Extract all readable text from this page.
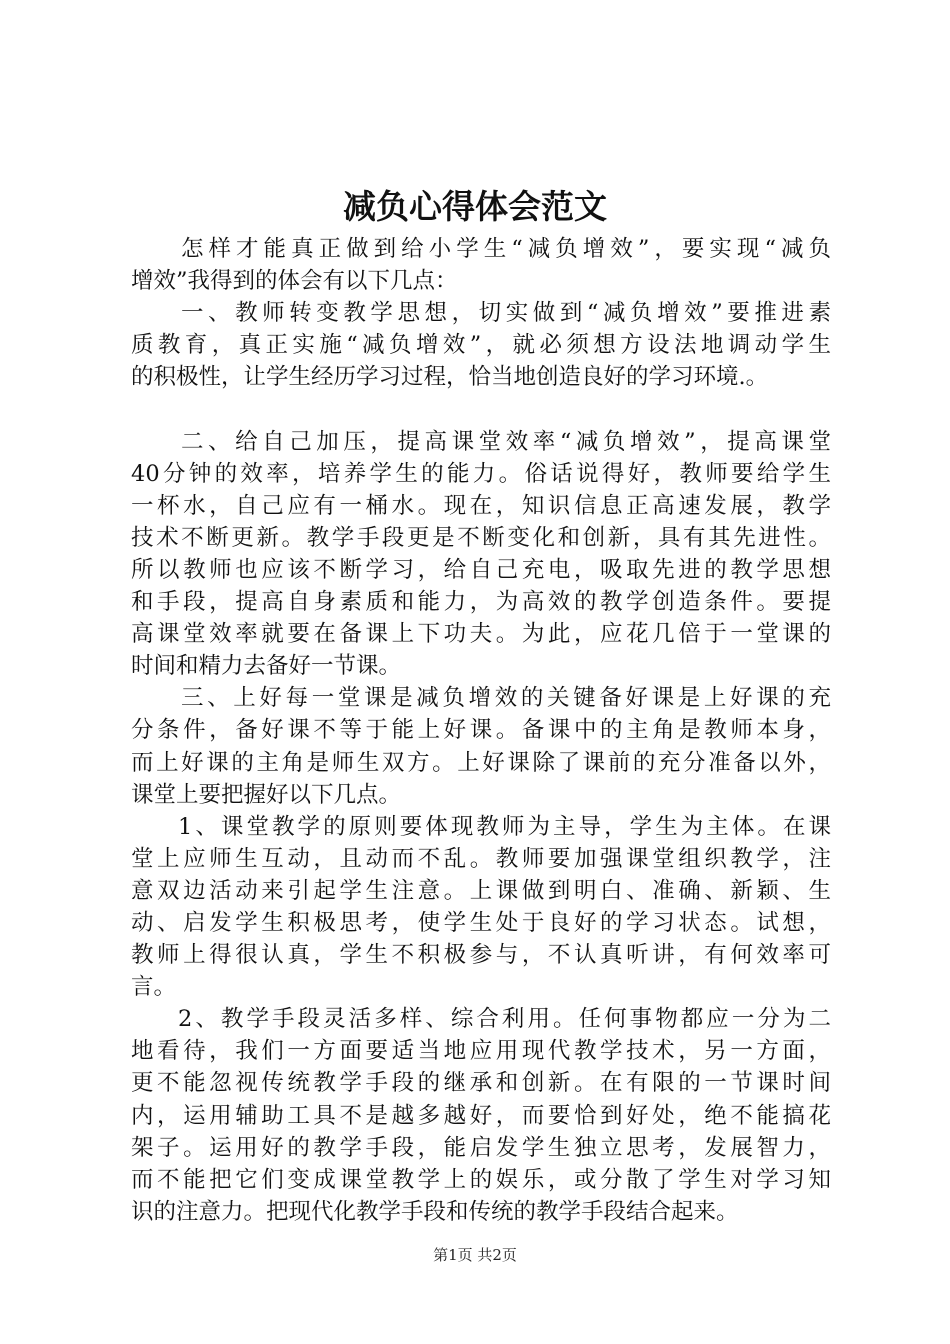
减负心得体会范文
怎样才能真正做到给小学生“减负增效”，要实现“减负
增效”我得到的体会有以下几点：
一、教师转变教学思想，切实做到“减负增效”要推进素
质教育，真正实施“减负增效”，就必须想方设法地调动学生
的积极性，让学生经历学习过程，恰当地创造良好的学习环境.。
二、给自己加压，提高课堂效率“减负增效”，提高课堂
40分钟的效率，培养学生的能力。俗话说得好，教师要给学生
一杯水，自己应有一桶水。现在，知识信息正高速发展，教学
技术不断更新。教学手段更是不断变化和创新，具有其先进性。
所以教师也应该不断学习，给自己充电，吸取先进的教学思想
和手段，提高自身素质和能力，为高效的教学创造条件。要提
高课堂效率就要在备课上下功夫。为此，应花几倍于一堂课的
时间和精力去备好一节课。
三、上好每一堂课是减负增效的关键备好课是上好课的充
分条件，备好课不等于能上好课。备课中的主角是教师本身，
而上好课的主角是师生双方。上好课除了课前的充分准备以外，
课堂上要把握好以下几点。
1、课堂教学的原则要体现教师为主导，学生为主体。在课
堂上应师生互动，且动而不乱。教师要加强课堂组织教学，注
意双边活动来引起学生注意。上课做到明白、准确、新颖、生
动、启发学生积极思考，使学生处于良好的学习状态。试想，
教师上得很认真，学生不积极参与，不认真听讲，有何效率可
言。
2、教学手段灵活多样、综合利用。任何事物都应一分为二
地看待，我们一方面要适当地应用现代教学技术，另一方面，
更不能忽视传统教学手段的继承和创新。在有限的一节课时间
内，运用辅助工具不是越多越好，而要恰到好处，绝不能搞花
架子。运用好的教学手段，能启发学生独立思考，发展智力，
而不能把它们变成课堂教学上的娱乐，或分散了学生对学习知
识的注意力。把现代化教学手段和传统的教学手段结合起来。
第1页 共2页
